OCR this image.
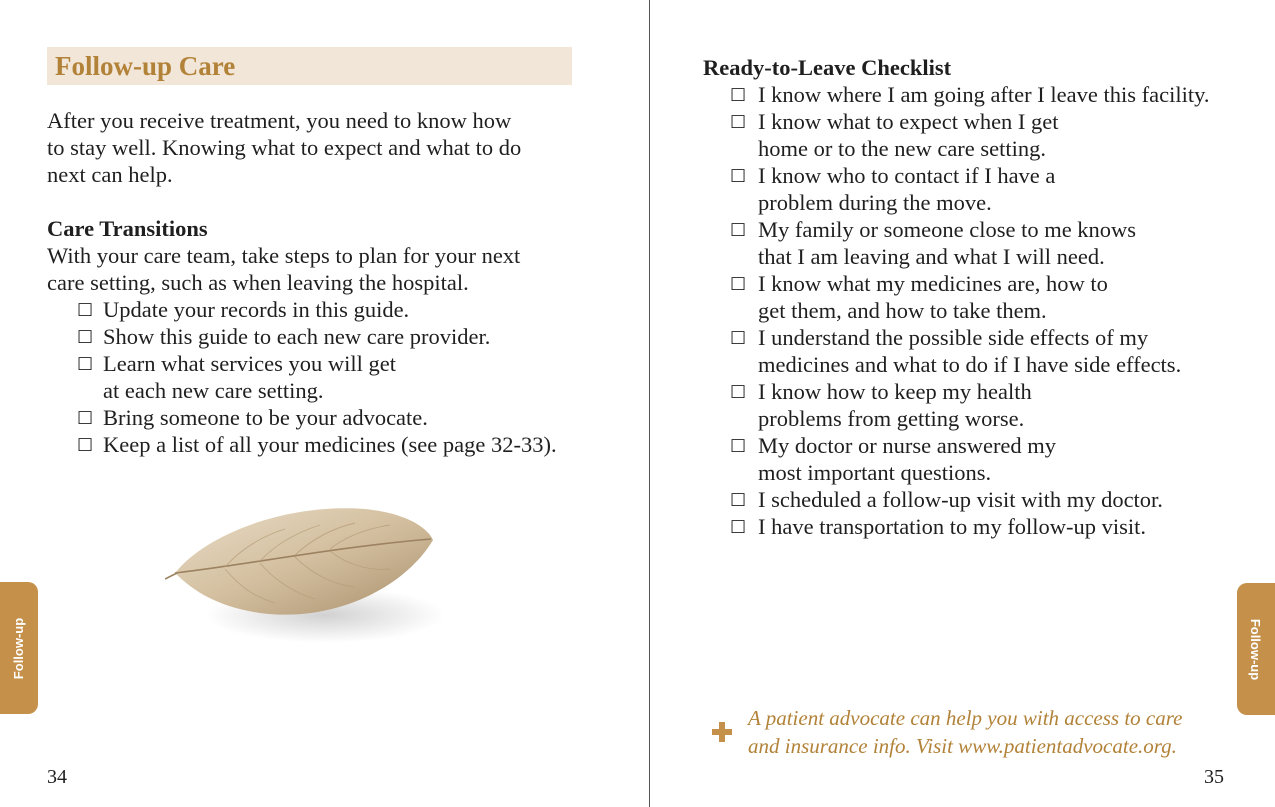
Follow-up Care
After you receive treatment, you need to know how
to stay well. Knowing what to expect and what to do
next can help.
Care Transitions
With your care team, take steps to plan for your next
care setting, such as when leaving the hospital.
□ Update your records in this guide.
□ Show this guide to each new care provider.
□ Learn what services you will get
at each new care setting.
□ Bring someone to be your advocate.
□ Keep a list of all your medicines (see page 32-33).
Follow-up
34
Ready-to-Leave Checklist
□ I know where I am going after I leave this facility.
□ I know what to expect when I get
home or to the new care setting.
□ I know who to contact if I have a
problem during the move.
□ My family or someone close to me knows
that I am leaving and what I will need.
□ I know what my medicines are, how to
get them, and how to take them.
□ I understand the possible side effects of my
medicines and what to do if I have side effects.
□ I know how to keep my health
problems from getting worse.
□ My doctor or nurse answered my
most important questions.
□ I scheduled a follow-up visit with my doctor.
□ I have transportation to my follow-up visit.
A patient advocate can help you with access to care
and insurance info. Visit www.patientadvocate.org.
Follow-up
35
